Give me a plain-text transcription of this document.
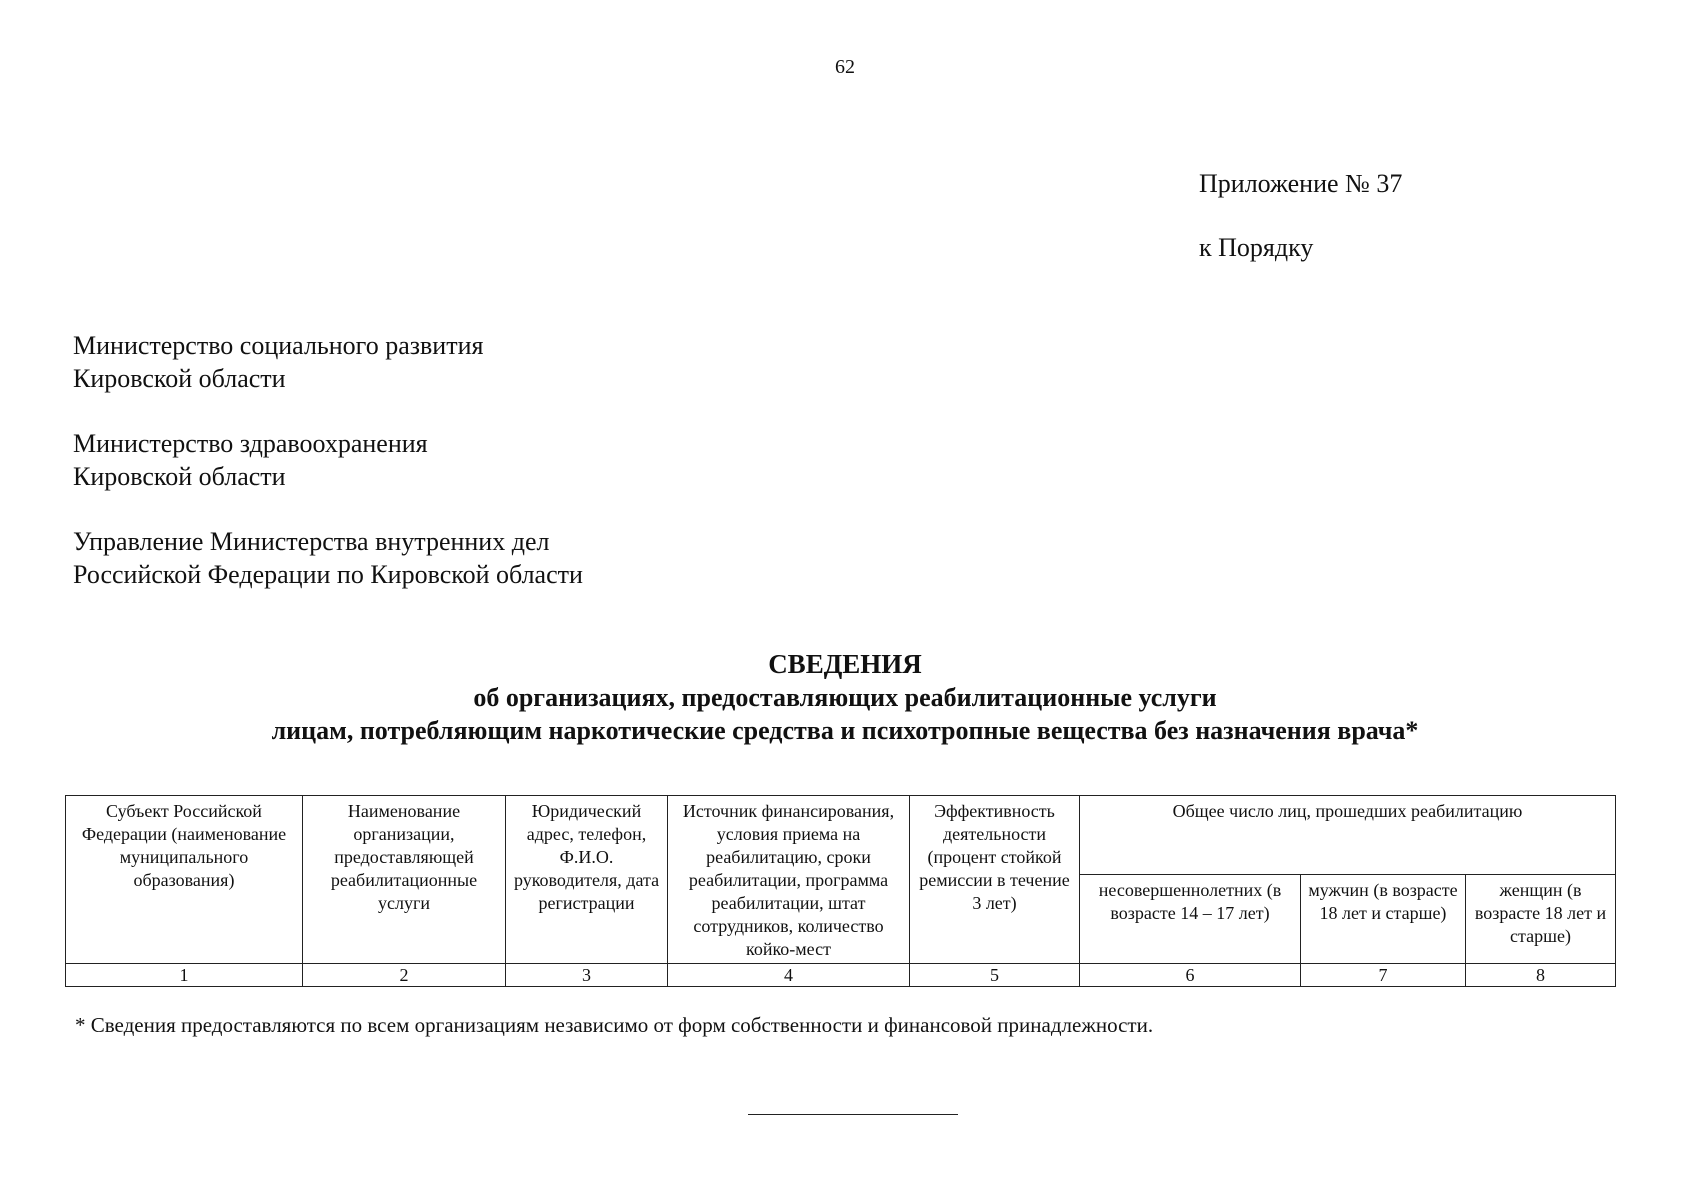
62
Приложение № 37
к Порядку
Министерство социального развития
Кировской области
Министерство здравоохранения
Кировской области
Управление Министерства внутренних дел
Российской Федерации по Кировской области
СВЕДЕНИЯ
об организациях, предоставляющих реабилитационные услуги
лицам, потребляющим наркотические средства и психотропные вещества без назначения врача*
Субъект Российской Федерации (наименование муниципального образования)	Наименование организации, предоставляющей реабилитационные услуги	Юридический адрес, телефон, Ф.И.О. руководителя, дата регистрации	Источник финансирования, условия приема на реабилитацию, сроки реабилитации, программа реабилитации, штат сотрудников, количество койко-мест	Эффективность деятельности (процент стойкой ремиссии в течение 3 лет)	Общее число лиц, прошедших реабилитацию		
					несовершеннолетних (в возрасте 14 – 17 лет)	мужчин (в возрасте 18 лет и старше)	женщин (в возрасте 18 лет и старше)
1	2	3	4	5	6	7	8
* Сведения предоставляются по всем организациям независимо от форм собственности и финансовой принадлежности.
